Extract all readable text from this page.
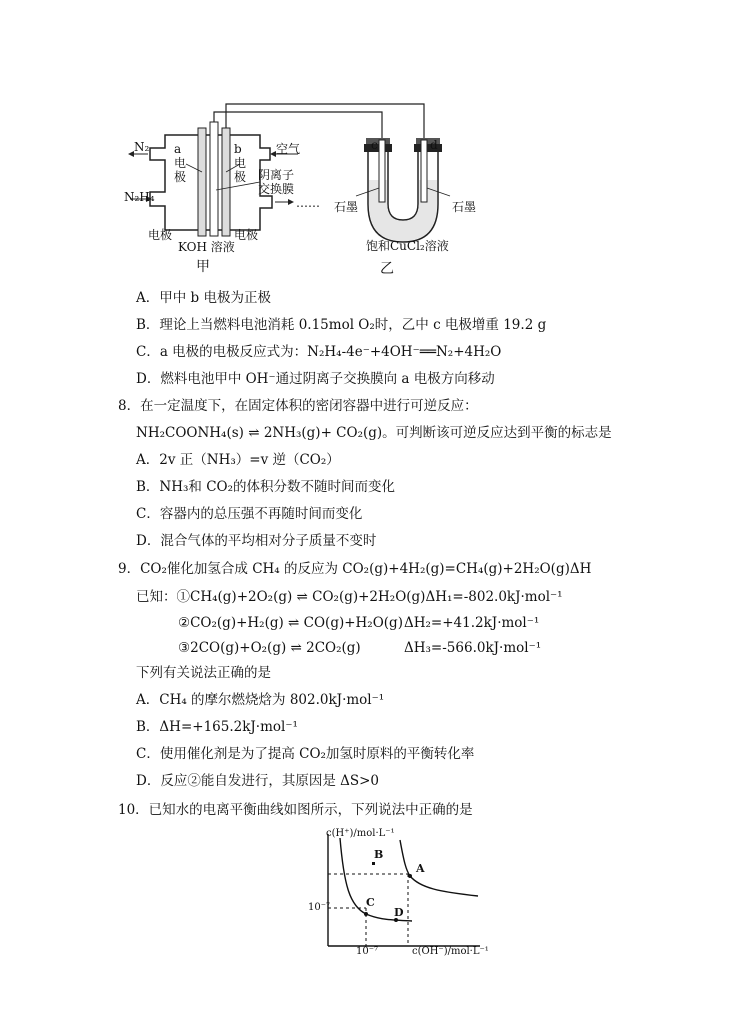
N₂
N₂H₄
空气
a
电
极
b
电
极 阴离子
交换膜
……
电极	电极
KOH 溶液
甲
c	d
石墨	石墨
饱和CuCl₂溶液
乙
A．甲中 b 电极为正极
B．理论上当燃料电池消耗 0.15mol O₂时，乙中 c 电极增重 19.2 g
C．a 电极的电极反应式为：N₂H₄-4e⁻+4OH⁻══N₂+4H₂O
D．燃料电池甲中 OH⁻通过阴离子交换膜向 a 电极方向移动
8．在一定温度下，在固定体积的密闭容器中进行可逆反应：
NH₂COONH₄(s) ⇌ 2NH₃(g)+ CO₂(g)。可判断该可逆反应达到平衡的标志是
A．2v 正（NH₃）=v 逆（CO₂）
B．NH₃和 CO₂的体积分数不随时间而变化
C．容器内的总压强不再随时间而变化
D．混合气体的平均相对分子质量不变时
9．CO₂催化加氢合成 CH₄ 的反应为 CO₂(g)+4H₂(g)=CH₄(g)+2H₂O(g)ΔH
已知：①CH₄(g)+2O₂(g) ⇌ CO₂(g)+2H₂O(g)ΔH₁=-802.0kJ·mol⁻¹
②CO₂(g)+H₂(g) ⇌ CO(g)+H₂O(g) ΔH₂=+41.2kJ·mol⁻¹
③2CO(g)+O₂(g) ⇌ 2CO₂(g)	ΔH₃=-566.0kJ·mol⁻¹
下列有关说法正确的是
A．CH₄ 的摩尔燃烧焓为 802.0kJ·mol⁻¹
B．ΔH=+165.2kJ·mol⁻¹
C．使用催化剂是为了提高 CO₂加氢时原料的平衡转化率
D．反应②能自发进行，其原因是 ΔS>0
10．已知水的电离平衡曲线如图所示，下列说法中正确的是
c(H⁺)/mol·L⁻¹
c(OH⁻)/mol·L⁻¹
10⁻⁷
10⁻⁷
A
B
C
D
